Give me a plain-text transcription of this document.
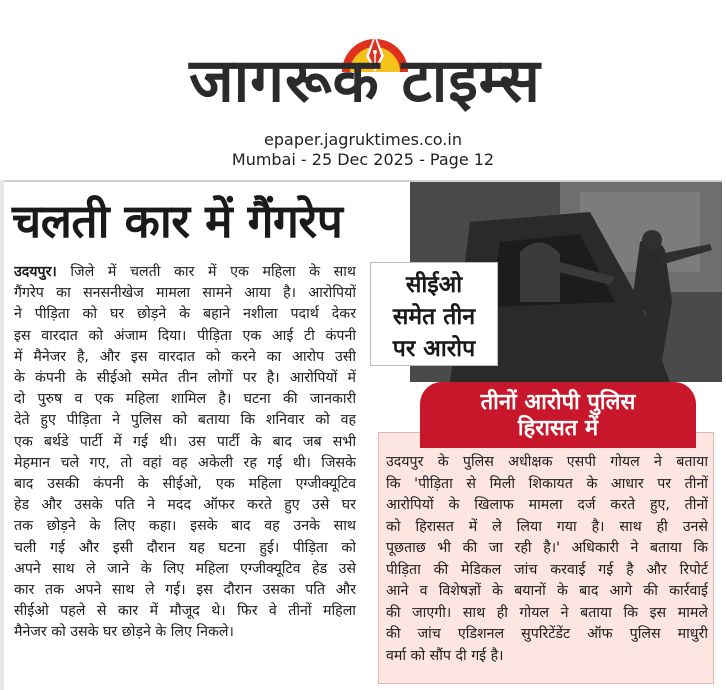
जागरूक टाइम्स
epaper.jagruktimes.co.in
Mumbai - 25 Dec 2025 - Page 12
चलती कार में गैंगरेप
सीईओ
समेत तीन
पर आरोप
उदयपुर। जिले में चलती कार में एक महिला के साथ
गैंगरेप का सनसनीखेज मामला सामने आया है। आरोपियों
ने पीड़िता को घर छोड़ने के बहाने नशीला पदार्थ देकर
इस वारदात को अंजाम दिया। पीड़िता एक आई टी कंपनी
में मैनेजर है, और इस वारदात को करने का आरोप उसी
के कंपनी के सीईओ समेत तीन लोगों पर है। आरोपियों में
दो पुरुष व एक महिला शामिल है। घटना की जानकारी
देते हुए पीड़िता ने पुलिस को बताया कि शनिवार को वह
एक बर्थडे पार्टी में गई थी। उस पार्टी के बाद जब सभी
मेहमान चले गए, तो वहां वह अकेली रह गई थी। जिसके
बाद उसकी कंपनी के सीईओ, एक महिला एग्जीक्यूटिव
हेड और उसके पति ने मदद ऑफर करते हुए उसे घर
तक छोड़ने के लिए कहा। इसके बाद वह उनके साथ
चली गई और इसी दौरान यह घटना हुई। पीड़िता को
अपने साथ ले जाने के लिए महिला एग्जीक्यूटिव हेड उसे
कार तक अपने साथ ले गई। इस दौरान उसका पति और
सीईओ पहले से कार में मौजूद थे। फिर वे तीनों महिला
मैनेजर को उसके घर छोड़ने के लिए निकले।
तीनों आरोपी पुलिस
हिरासत में
उदयपुर के पुलिस अधीक्षक एसपी गोयल ने बताया
कि 'पीड़िता से मिली शिकायत के आधार पर तीनों
आरोपियों के खिलाफ मामला दर्ज करते हुए, तीनों
को हिरासत में ले लिया गया है। साथ ही उनसे
पूछताछ भी की जा रही है।' अधिकारी ने बताया कि
पीड़िता की मेडिकल जांच करवाई गई है और रिपोर्ट
आने व विशेषज्ञों के बयानों के बाद आगे की कार्रवाई
की जाएगी। साथ ही गोयल ने बताया कि इस मामले
की जांच एडिशनल सुपरिटेंडेंट ऑफ पुलिस माधुरी
वर्मा को सौंप दी गई है।
